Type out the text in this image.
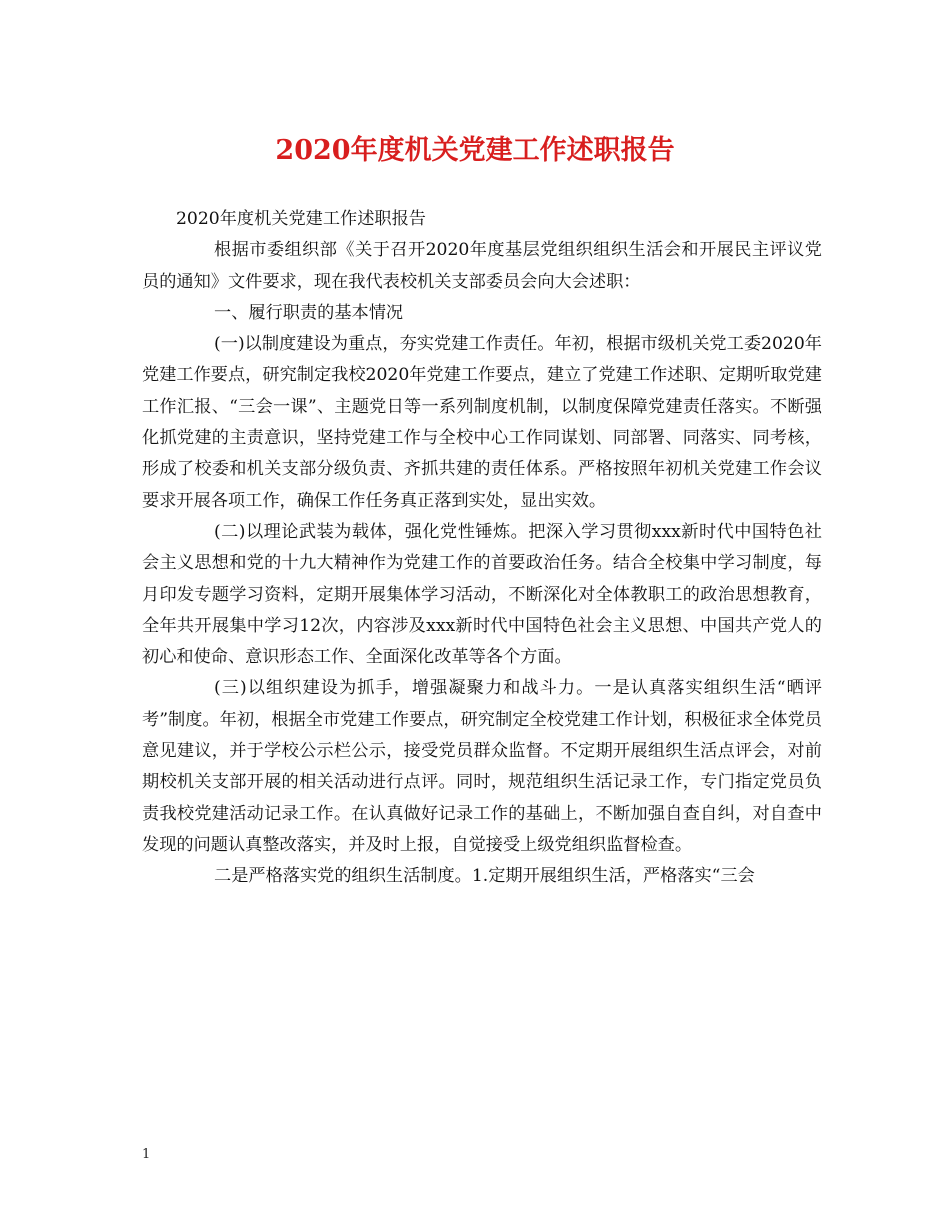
2020年度机关党建工作述职报告

2020年度机关党建工作述职报告

根据市委组织部《关于召开2020年度基层党组织组织生活会和开展民主评议党员的通知》文件要求，现在我代表校机关支部委员会向大会述职：

一、履行职责的基本情况

(一)以制度建设为重点，夯实党建工作责任。年初，根据市级机关党工委2020年党建工作要点，研究制定我校2020年党建工作要点，建立了党建工作述职、定期听取党建工作汇报、“三会一课”、主题党日等一系列制度机制，以制度保障党建责任落实。不断强化抓党建的主责意识，坚持党建工作与全校中心工作同谋划、同部署、同落实、同考核，形成了校委和机关支部分级负责、齐抓共建的责任体系。严格按照年初机关党建工作会议要求开展各项工作，确保工作任务真正落到实处，显出实效。

(二)以理论武装为载体，强化党性锤炼。把深入学习贯彻xxx新时代中国特色社会主义思想和党的十九大精神作为党建工作的首要政治任务。结合全校集中学习制度，每月印发专题学习资料，定期开展集体学习活动，不断深化对全体教职工的政治思想教育，全年共开展集中学习12次，内容涉及xxx新时代中国特色社会主义思想、中国共产党人的初心和使命、意识形态工作、全面深化改革等各个方面。

(三)以组织建设为抓手，增强凝聚力和战斗力。一是认真落实组织生活“晒评考”制度。年初，根据全市党建工作要点，研究制定全校党建工作计划，积极征求全体党员意见建议，并于学校公示栏公示，接受党员群众监督。不定期开展组织生活点评会，对前期校机关支部开展的相关活动进行点评。同时，规范组织生活记录工作，专门指定党员负责我校党建活动记录工作。在认真做好记录工作的基础上，不断加强自查自纠，对自查中发现的问题认真整改落实，并及时上报，自觉接受上级党组织监督检查。

二是严格落实党的组织生活制度。1.定期开展组织生活，严格落实“三会

1
